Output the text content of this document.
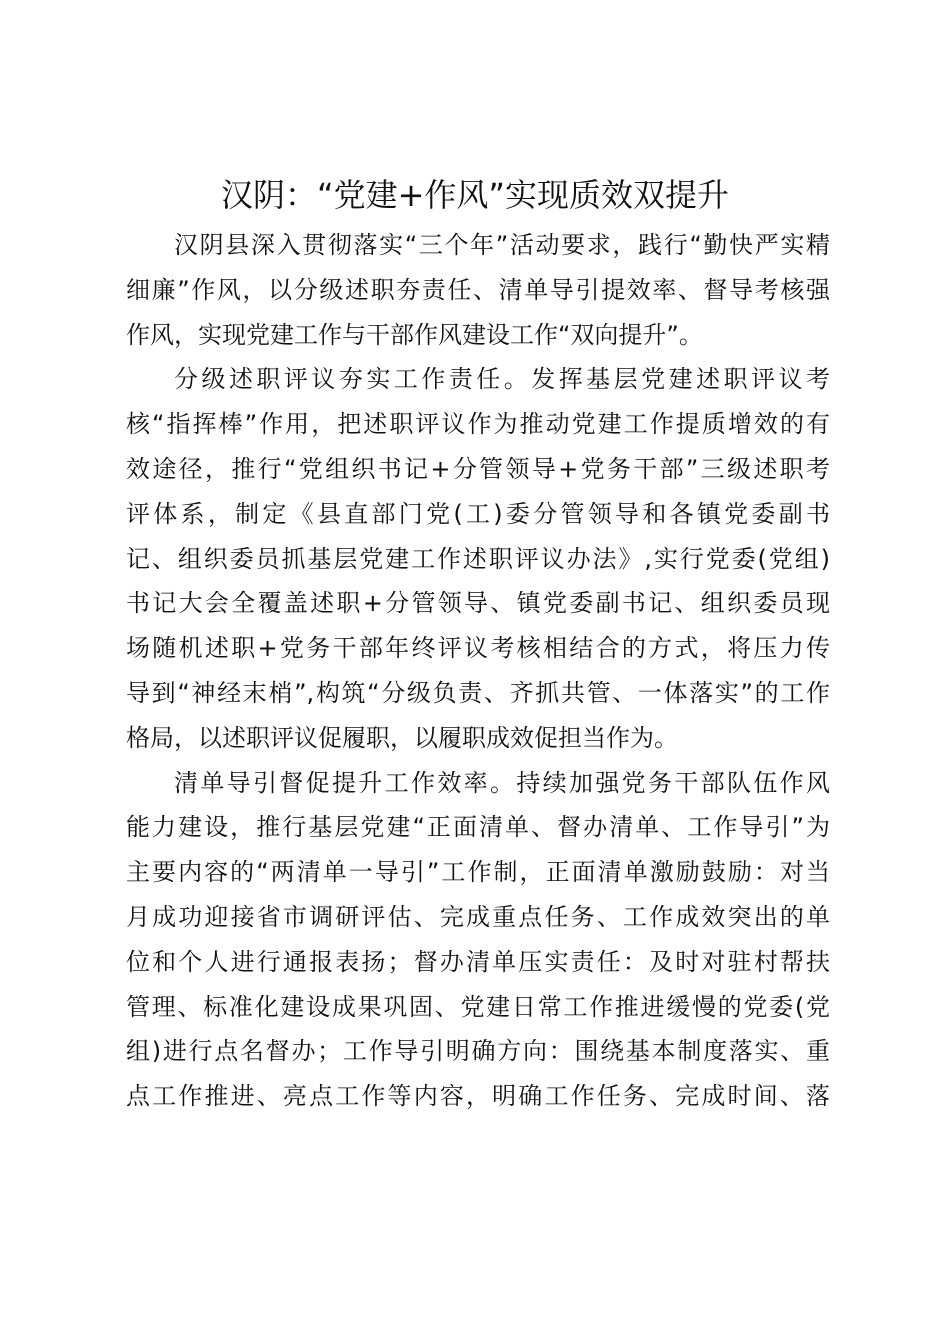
汉阴：“党建+作风”实现质效双提升
汉阴县深入贯彻落实“三个年”活动要求，践行“勤快严实精
细廉”作风，以分级述职夯责任、清单导引提效率、督导考核强
作风，实现党建工作与干部作风建设工作“双向提升”。
分级述职评议夯实工作责任。发挥基层党建述职评议考
核“指挥棒”作用，把述职评议作为推动党建工作提质增效的有
效途径，推行“党组织书记+分管领导+党务干部”三级述职考
评体系，制定《县直部门党(工)委分管领导和各镇党委副书
记、组织委员抓基层党建工作述职评议办法》,实行党委(党组)
书记大会全覆盖述职+分管领导、镇党委副书记、组织委员现
场随机述职+党务干部年终评议考核相结合的方式，将压力传
导到“神经末梢”,构筑“分级负责、齐抓共管、一体落实”的工作
格局，以述职评议促履职，以履职成效促担当作为。
清单导引督促提升工作效率。持续加强党务干部队伍作风
能力建设，推行基层党建“正面清单、督办清单、工作导引”为
主要内容的“两清单一导引”工作制，正面清单激励鼓励：对当
月成功迎接省市调研评估、完成重点任务、工作成效突出的单
位和个人进行通报表扬；督办清单压实责任：及时对驻村帮扶
管理、标准化建设成果巩固、党建日常工作推进缓慢的党委(党
组)进行点名督办；工作导引明确方向：围绕基本制度落实、重
点工作推进、亮点工作等内容，明确工作任务、完成时间、落
